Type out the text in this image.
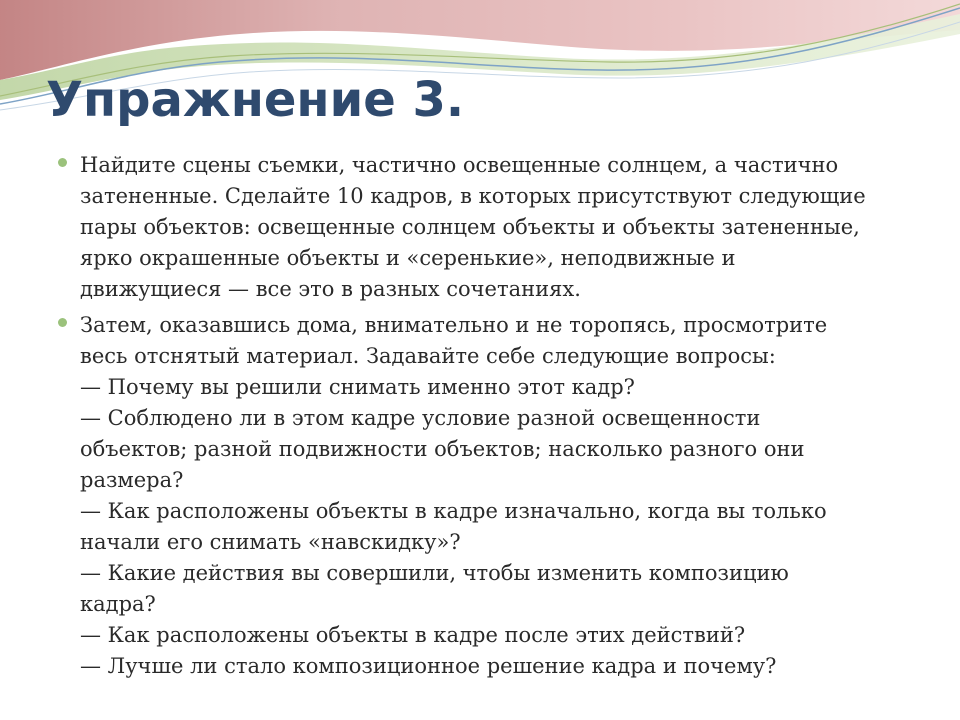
Упражнение 3.
Найдите сцены съемки, частично освещенные солнцем, а частично
затененные. Сделайте 10 кадров, в которых присутствуют следующие
пары объектов: освещенные солнцем объекты и объекты затененные,
ярко окрашенные объекты и «серенькие», неподвижные и
движущиеся — все это в разных сочетаниях.
Затем, оказавшись дома, внимательно и не торопясь, просмотрите
весь отснятый материал. Задавайте себе следующие вопросы:
— Почему вы решили снимать именно этот кадр?
— Соблюдено ли в этом кадре условие разной освещенности
объектов; разной подвижности объектов; насколько разного они
размера?
— Как расположены объекты в кадре изначально, когда вы только
начали его снимать «навскидку»?
— Какие действия вы совершили, чтобы изменить композицию
кадра?
— Как расположены объекты в кадре после этих действий?
— Лучше ли стало композиционное решение кадра и почему?
